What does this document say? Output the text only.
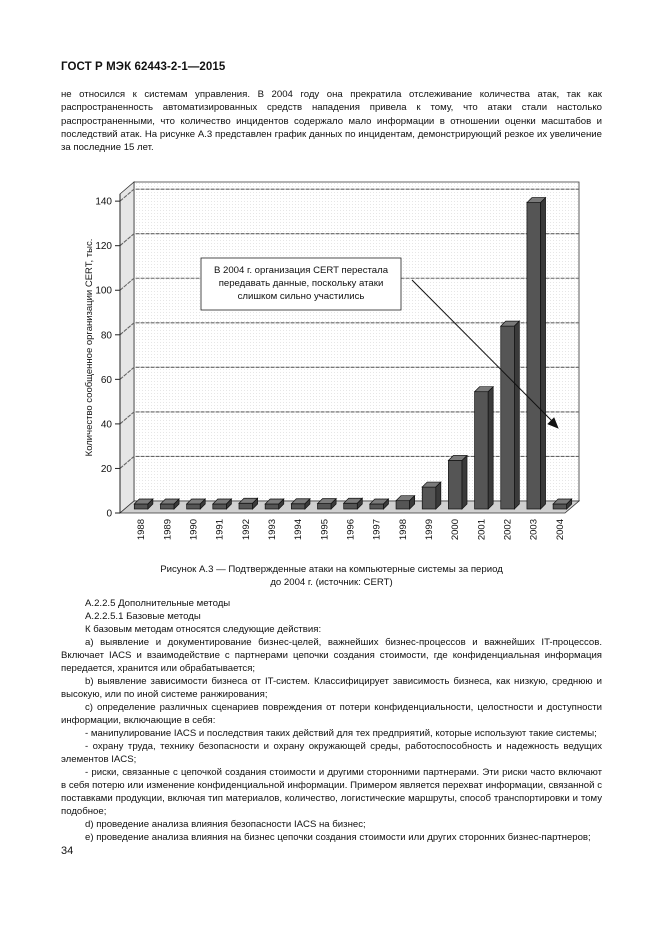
ГОСТ Р МЭК 62443-2-1—2015

не относился к системам управления. В 2004 году она прекратила отслеживание количества атак, так как распространенность автоматизированных средств нападения привела к тому, что атаки стали настолько распространенными, что количество инцидентов содержало мало информации в отношении оценки масштабов и последствий атак. На рисунке А.3 представлен график данных по инцидентам, демонстрирующий резкое их увеличение за последние 15 лет.

0
20
40
60
80
100
120
140
Количество сообщенное организации CERT, тыс.
1988 1989 1990 1991 1992 1993 1994 1995 1996 1997 1998 1999 2000 2001 2002 2003 2004
В 2004 г. организация CERT перестала
передавать данные, поскольку атаки
слишком сильно участились
Рисунок А.3 — Подтвержденные атаки на компьютерные системы за период
до 2004 г. (источник: CERT)

А.2.2.5 Дополнительные методы

А.2.2.5.1 Базовые методы

К базовым методам относятся следующие действия:

а) выявление и документирование бизнес-целей, важнейших бизнес-процессов и важнейших IT-процессов. Включает IACS и взаимодействие с партнерами цепочки создания стоимости, где конфиденциальная информация передается, хранится или обрабатывается;

b) выявление зависимости бизнеса от IT-систем. Классифицирует зависимость бизнеса, как низкую, среднюю и высокую, или по иной системе ранжирования;

c) определение различных сценариев повреждения от потери конфиденциальности, целостности и доступности информации, включающие в себя:

- манипулирование IACS и последствия таких действий для тех предприятий, которые используют такие системы;

- охрану труда, технику безопасности и охрану окружающей среды, работоспособность и надежность ведущих элементов IACS;

- риски, связанные с цепочкой создания стоимости и другими сторонними партнерами. Эти риски часто включают в себя потерю или изменение конфиденциальной информации. Примером является перехват информации, связанной с поставками продукции, включая тип материалов, количество, логистические маршруты, способ транспортировки и тому подобное;

d) проведение анализа влияния безопасности IACS на бизнес;

e) проведение анализа влияния на бизнес цепочки создания стоимости или других сторонних бизнес-партнеров;

34
